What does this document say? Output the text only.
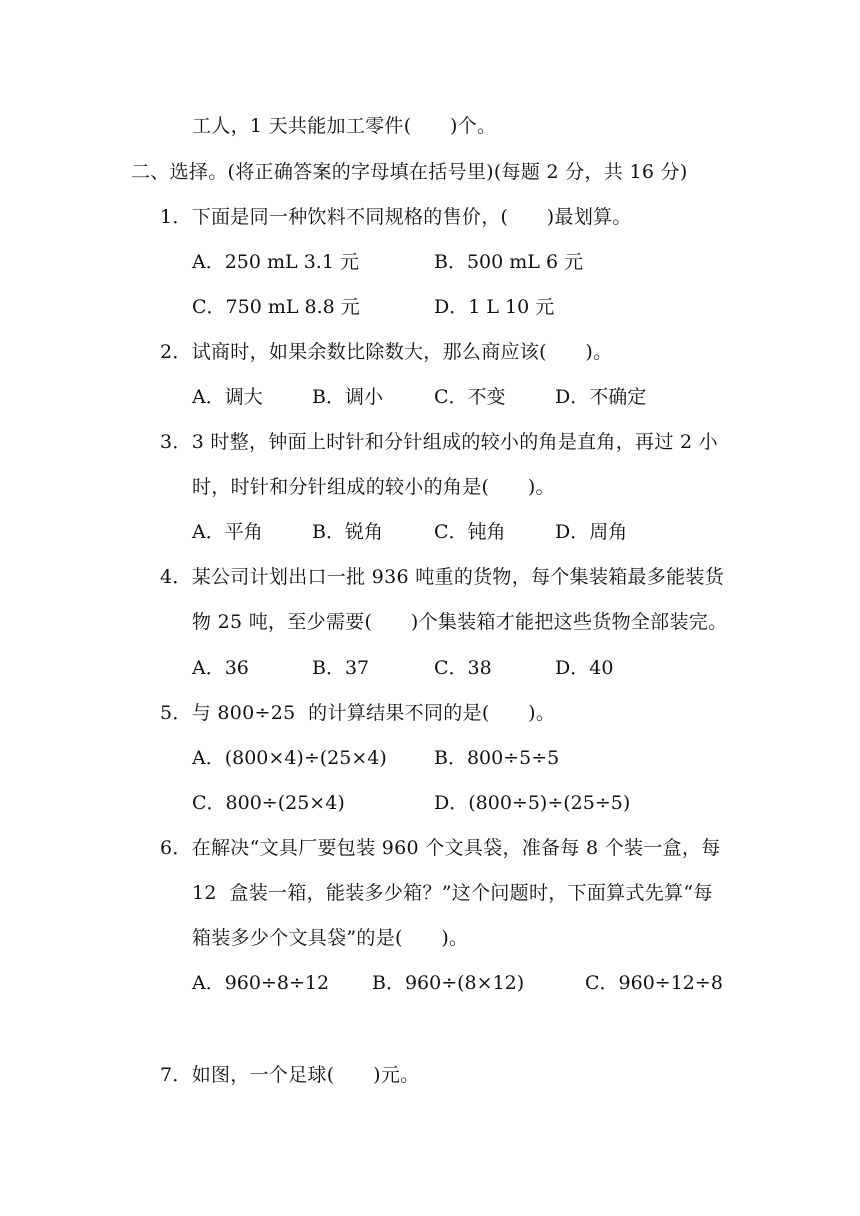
工人，1 天共能加工零件(　　)个。
二、选择。(将正确答案的字母填在括号里)(每题 2 分，共 16 分)
1．下面是同一种饮料不同规格的售价，(　　)最划算。

A．250 mL 3.1 元

	B．500 mL 6 元

C．750 mL 8.8 元

	D．1 L 10 元

2．试商时，如果余数比除数大，那么商应该(　　)。

A．调大

	B．调小

	C．不变

	D．不确定

3．3 时整，钟面上时针和分针组成的较小的角是直角，再过 2 小
时，时针和分针组成的较小的角是(　　)。

A．平角

	B．锐角

	C．钝角

	D．周角

4．某公司计划出口一批 936 吨重的货物，每个集装箱最多能装货
物 25 吨，至少需要(　　)个集装箱才能把这些货物全部装完。

A．36

	B．37

	C．38

	D．40

5．与 800÷25  的计算结果不同的是(　　)。

A．(800×4)÷(25×4)

B．800÷5÷5

C．800÷(25×4)

	D．(800÷5)÷(25÷5)

6．在解决“文具厂要包装 960 个文具袋，准备每 8 个装一盒，每
12  盒装一箱，能装多少箱？”这个问题时，下面算式先算“每
箱装多少个文具袋”的是(　　)。

A．960÷8÷12

B．960÷(8×12)

	C．960÷12÷8

7．如图，一个足球(　　)元。
